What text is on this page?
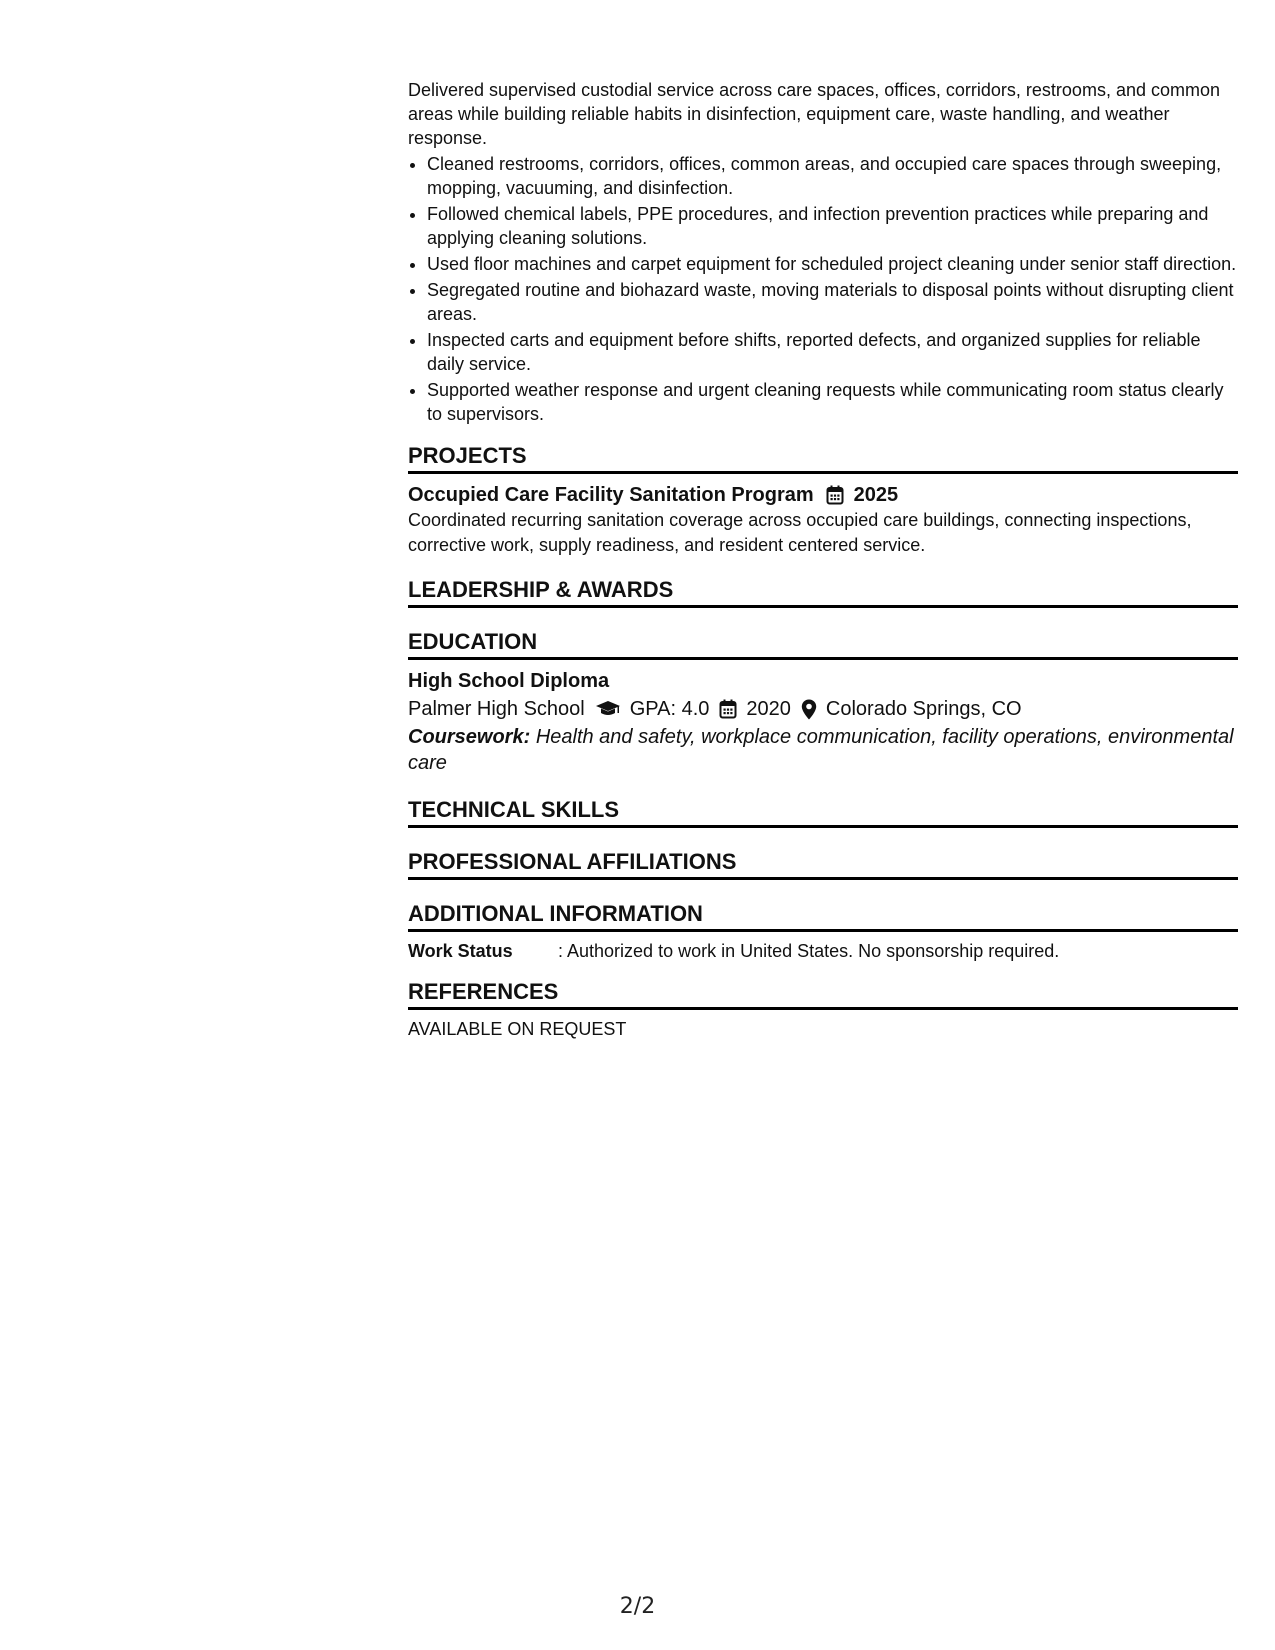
Delivered supervised custodial service across care spaces, offices, corridors, restrooms, and common areas while building reliable habits in disinfection, equipment care, waste handling, and weather response.

• Cleaned restrooms, corridors, offices, common areas, and occupied care spaces through sweeping, mopping, vacuuming, and disinfection.
• Followed chemical labels, PPE procedures, and infection prevention practices while preparing and applying cleaning solutions.
• Used floor machines and carpet equipment for scheduled project cleaning under senior staff direction.
• Segregated routine and biohazard waste, moving materials to disposal points without disrupting client areas.
• Inspected carts and equipment before shifts, reported defects, and organized supplies for reliable daily service.
• Supported weather response and urgent cleaning requests while communicating room status clearly to supervisors.
PROJECTS
Occupied Care Facility Sanitation Program 2025
Coordinated recurring sanitation coverage across occupied care buildings, connecting inspections, corrective work, supply readiness, and resident centered service.
LEADERSHIP & AWARDS
EDUCATION
High School Diploma
Palmer High School GPA: 4.0 2020 Colorado Springs, CO
Coursework: Health and safety, workplace communication, facility operations, environmental care
TECHNICAL SKILLS
PROFESSIONAL AFFILIATIONS
ADDITIONAL INFORMATION
Work Status	: Authorized to work in United States. No sponsorship required.
REFERENCES
AVAILABLE ON REQUEST
2/2
